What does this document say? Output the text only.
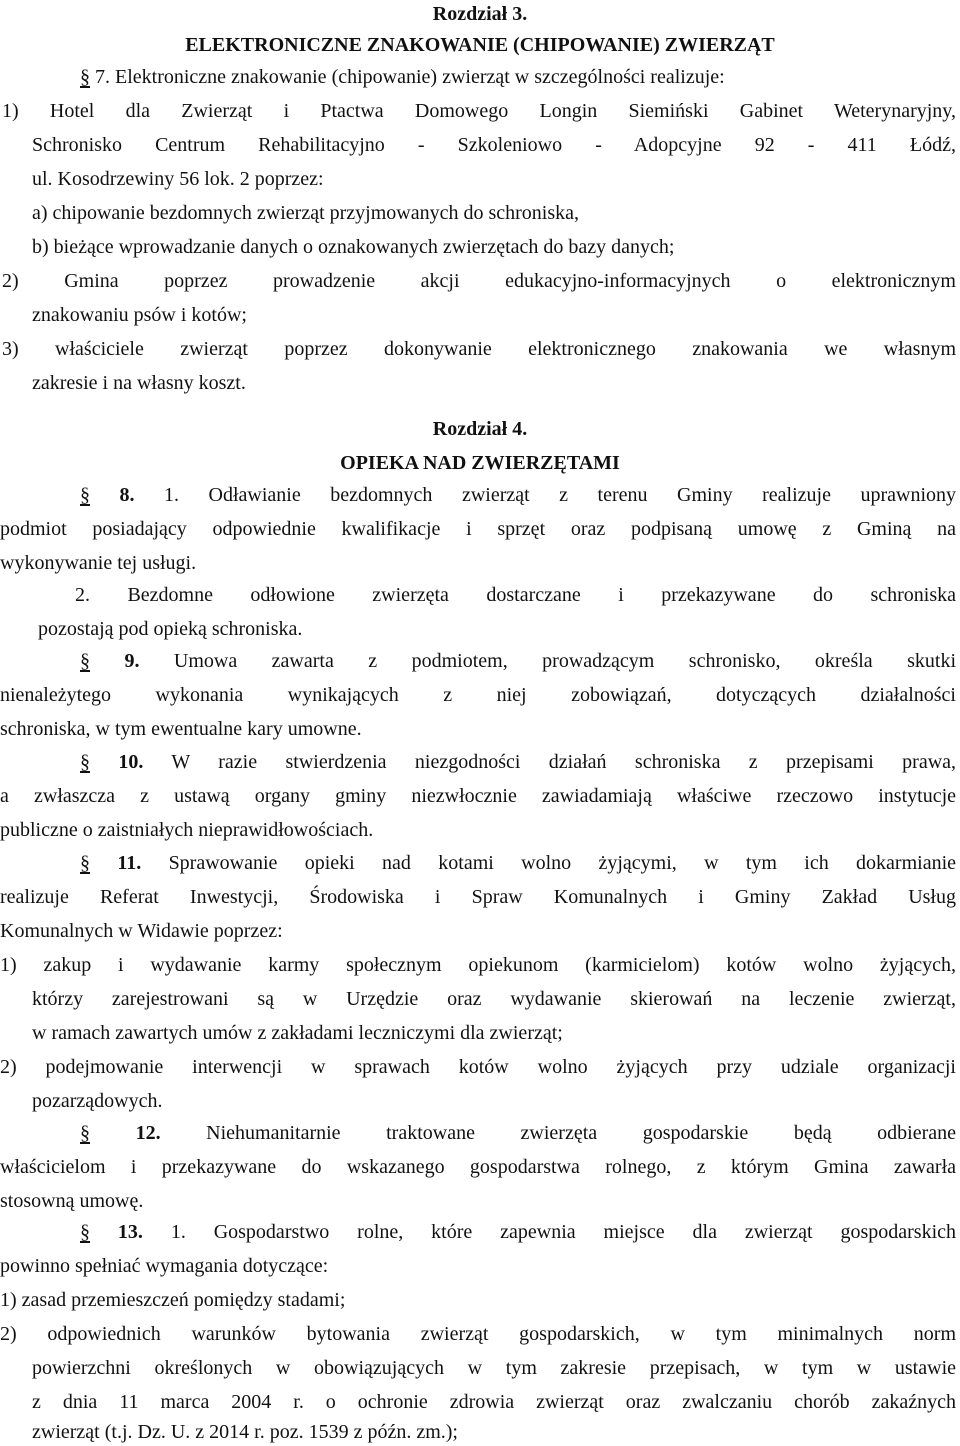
Rozdział 3.
ELEKTRONICZNE ZNAKOWANIE (CHIPOWANIE) ZWIERZĄT
§ 7. Elektroniczne znakowanie (chipowanie) zwierząt w szczególności realizuje:
1) Hotel dla Zwierząt i Ptactwa Domowego Longin Siemiński Gabinet Weterynaryjny,
Schronisko Centrum Rehabilitacyjno - Szkoleniowo - Adopcyjne 92 - 411 Łódź,
ul. Kosodrzewiny 56 lok. 2 poprzez:
a) chipowanie bezdomnych zwierząt przyjmowanych do schroniska,
b) bieżące wprowadzanie danych o oznakowanych zwierzętach do bazy danych;
2) Gmina poprzez prowadzenie akcji edukacyjno-informacyjnych o elektronicznym
znakowaniu psów i kotów;
3) właściciele zwierząt poprzez dokonywanie elektronicznego znakowania we własnym
zakresie i na własny koszt.
Rozdział 4.
OPIEKA NAD ZWIERZĘTAMI
§ 8. 1. Odławianie bezdomnych zwierząt z terenu Gminy realizuje uprawniony
podmiot posiadający odpowiednie kwalifikacje i sprzęt oraz podpisaną umowę z Gminą na
wykonywanie tej usługi.
2. Bezdomne odłowione zwierzęta dostarczane i przekazywane do schroniska
pozostają pod opieką schroniska.
§ 9. Umowa zawarta z podmiotem, prowadzącym schronisko, określa skutki
nienależytego wykonania wynikających z niej zobowiązań, dotyczących działalności
schroniska, w tym ewentualne kary umowne.
§ 10. W razie stwierdzenia niezgodności działań schroniska z przepisami prawa,
a zwłaszcza z ustawą organy gminy niezwłocznie zawiadamiają właściwe rzeczowo instytucje
publiczne o zaistniałych nieprawidłowościach.
§ 11. Sprawowanie opieki nad kotami wolno żyjącymi, w tym ich dokarmianie
realizuje Referat Inwestycji, Środowiska i Spraw Komunalnych i Gminy Zakład Usług
Komunalnych w Widawie poprzez:
1) zakup i wydawanie karmy społecznym opiekunom (karmicielom) kotów wolno żyjących,
którzy zarejestrowani są w Urzędzie oraz wydawanie skierowań na leczenie zwierząt,
w ramach zawartych umów z zakładami leczniczymi dla zwierząt;
2) podejmowanie interwencji w sprawach kotów wolno żyjących przy udziale organizacji
pozarządowych.
§ 12. Niehumanitarnie traktowane zwierzęta gospodarskie będą odbierane
właścicielom i przekazywane do wskazanego gospodarstwa rolnego, z którym Gmina zawarła
stosowną umowę.
§ 13. 1. Gospodarstwo rolne, które zapewnia miejsce dla zwierząt gospodarskich
powinno spełniać wymagania dotyczące:
1) zasad przemieszczeń pomiędzy stadami;
2) odpowiednich warunków bytowania zwierząt gospodarskich, w tym minimalnych norm
powierzchni określonych w obowiązujących w tym zakresie przepisach, w tym w ustawie
z dnia 11 marca 2004 r. o ochronie zdrowia zwierząt oraz zwalczaniu chorób zakaźnych
zwierząt (t.j. Dz. U. z 2014 r. poz. 1539 z późn. zm.);
